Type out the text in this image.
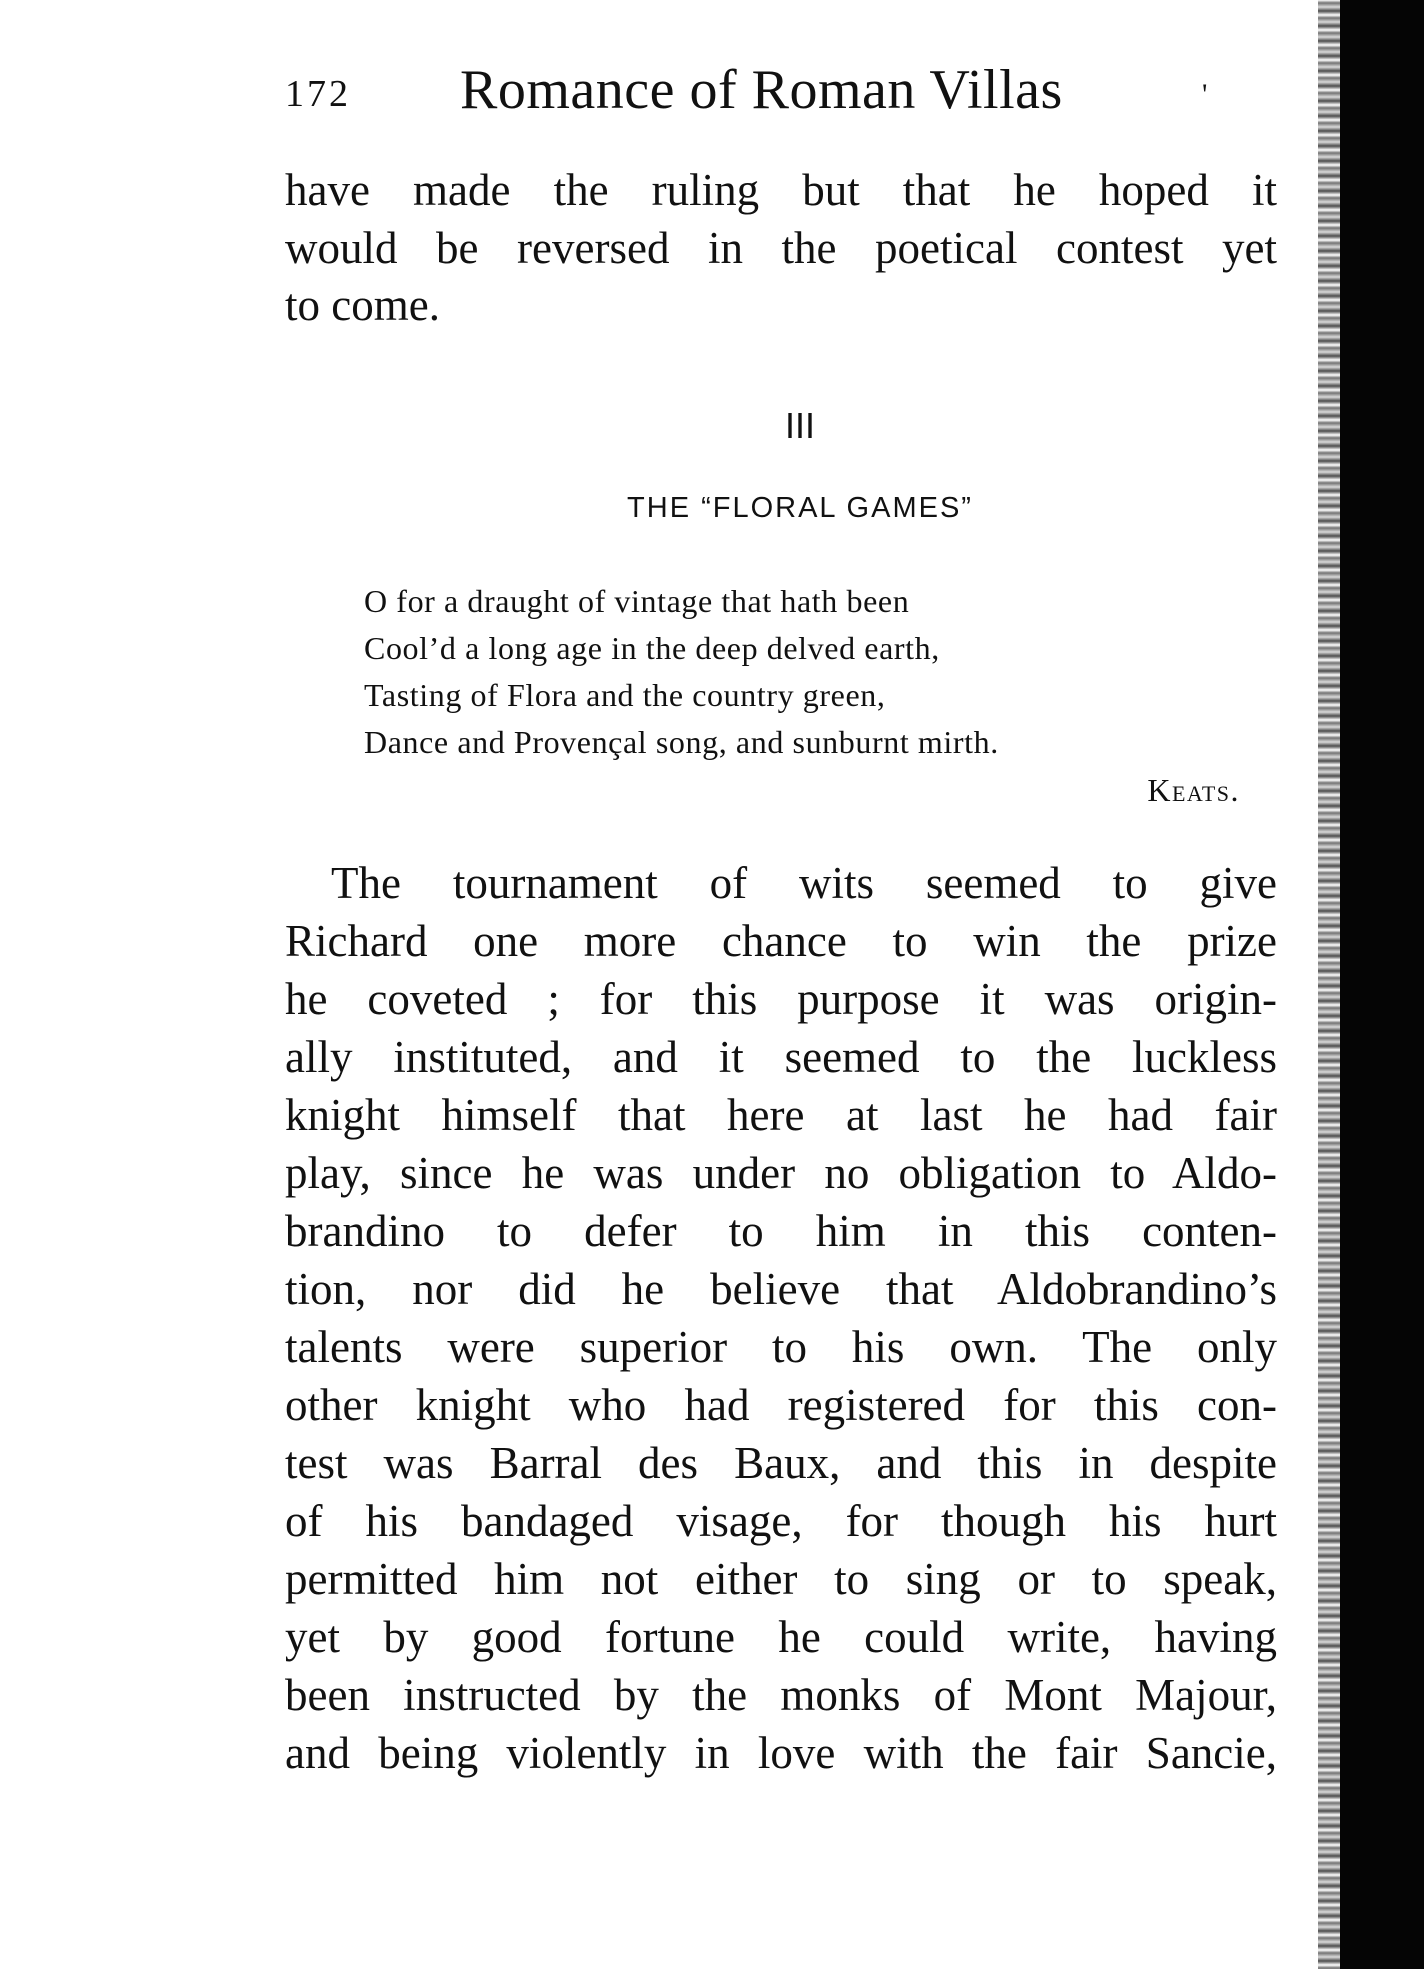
172 Romance of Roman Villas	'

have made the ruling but that he hoped it
would be reversed in the poetical contest yet
to come.

III
THE “FLORAL GAMES”

O for a draught of vintage that hath been
Cool’d a long age in the deep delved earth,
Tasting of Flora and the country green,
Dance and Provençal song, and sunburnt mirth.

Keats.

The tournament of wits seemed to give
Richard one more chance to win the prize
he coveted ; for this purpose it was origin-
ally instituted, and it seemed to the luckless
knight himself that here at last he had fair
play, since he was under no obligation to Aldo-
brandino to defer to him in this conten-
tion, nor did he believe that Aldobrandino’s
talents were superior to his own. The only
other knight who had registered for this con-
test was Barral des Baux, and this in despite
of his bandaged visage, for though his hurt
permitted him not either to sing or to speak,
yet by good fortune he could write, having
been instructed by the monks of Mont Majour,
and being violently in love with the fair Sancie,
